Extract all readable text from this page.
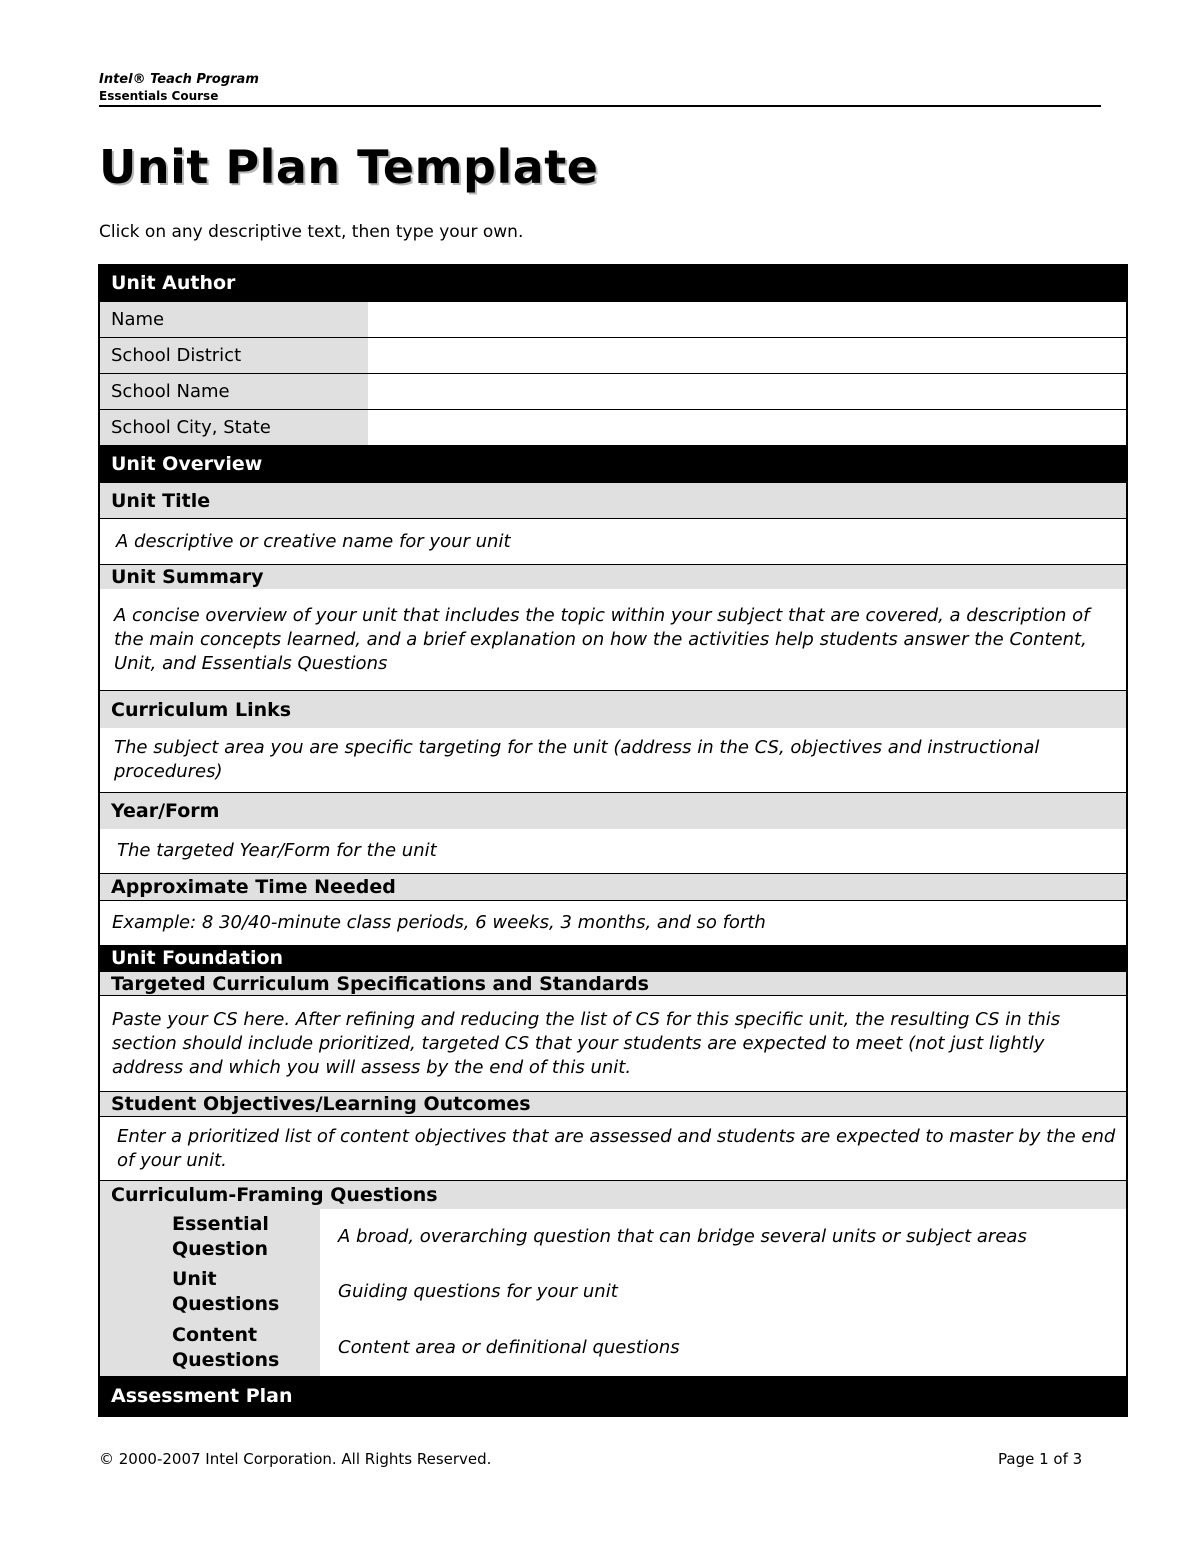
Intel® Teach Program
Essentials Course
Unit Plan Template
Click on any descriptive text, then type your own.
Unit Author
Name
School District
School Name
School City, State
Unit Overview
Unit Title
A descriptive or creative name for your unit
Unit Summary
A concise overview of your unit that includes the topic within your subject that are covered, a description of the main concepts learned, and a brief explanation on how the activities help students answer the Content, Unit, and Essentials Questions
Curriculum Links
The subject area you are specific targeting for the unit (address in the CS, objectives and instructional procedures)
Year/Form
The targeted Year/Form for the unit
Approximate Time Needed
Example: 8 30/40-minute class periods, 6 weeks, 3 months, and so forth
Unit Foundation
Targeted Curriculum Specifications and Standards
Paste your CS here. After refining and reducing the list of CS for this specific unit, the resulting CS in this section should include prioritized, targeted CS that your students are expected to meet (not just lightly address and which you will assess by the end of this unit.
Student Objectives/Learning Outcomes
Enter a prioritized list of content objectives that are assessed and students are expected to master by the end of your unit.
Curriculum-Framing Questions
Essential Question
A broad, overarching question that can bridge several units or subject areas
Unit Questions
Guiding questions for your unit
Content Questions
Content area or definitional questions
Assessment Plan
© 2000-2007 Intel Corporation. All Rights Reserved.	Page 1 of 3
